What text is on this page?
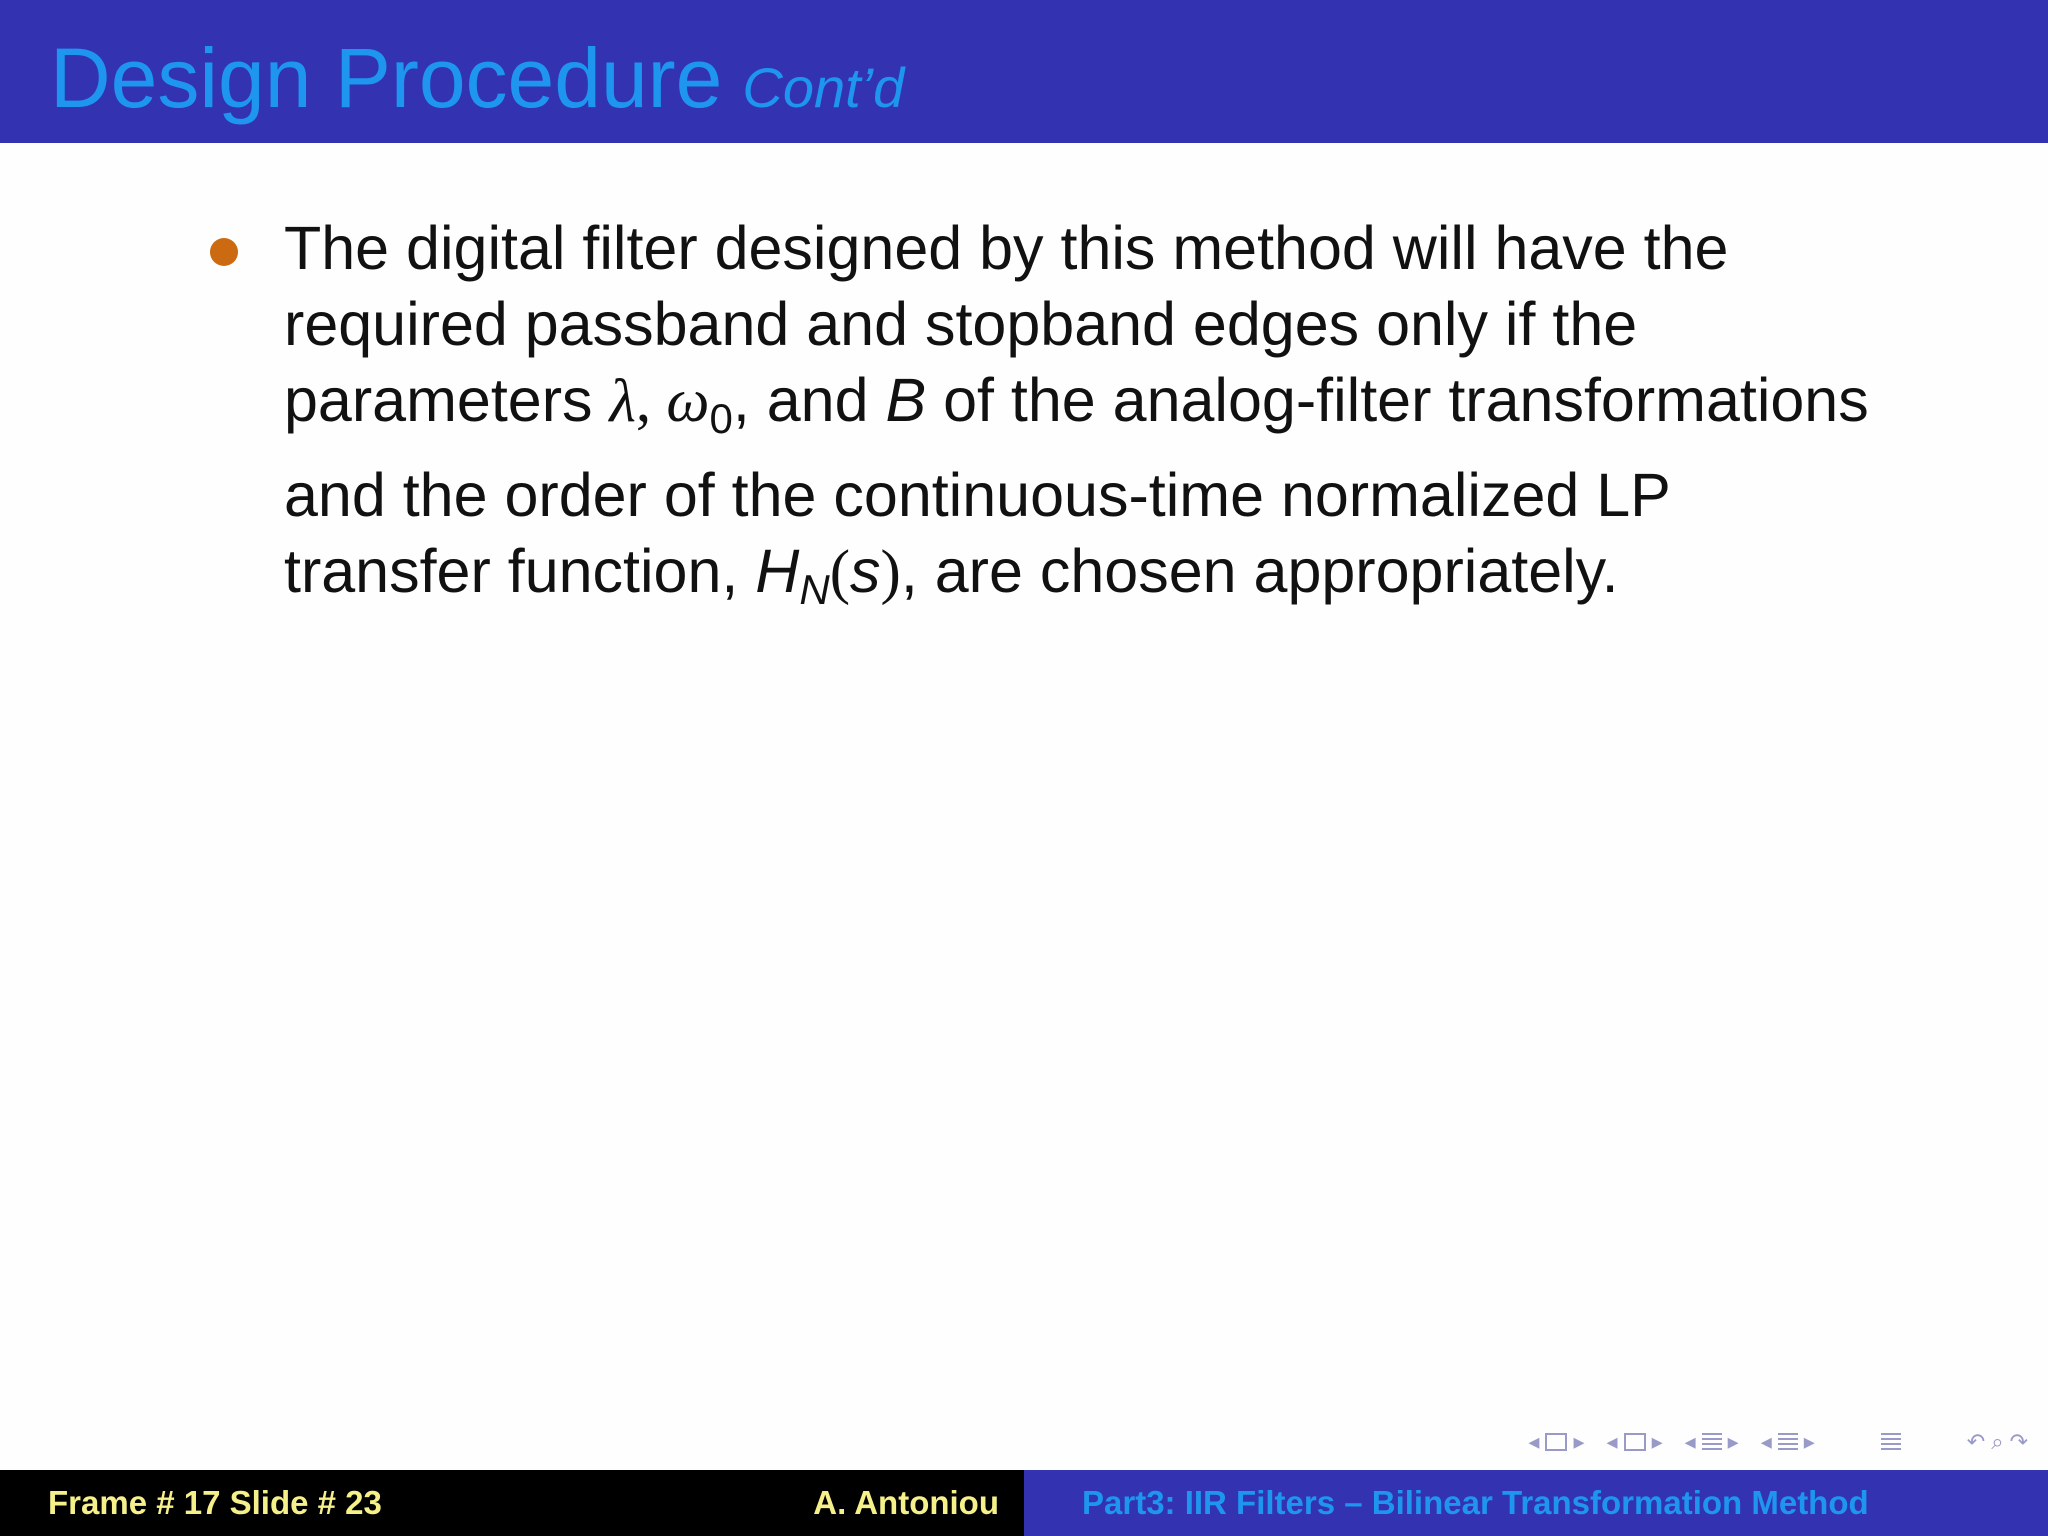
Design Procedure Cont’d
The digital filter designed by this method will have the
required passband and stopband edges only if the
parameters λ, ω0, and B of the analog-filter transformations
and the order of the continuous-time normalized LP
transfer function, HN(s), are chosen appropriately.
◂ ▸ ◂ ▸ ◂ ▸ ◂ ▸	↶ ⌕ ↷
Frame # 17 Slide # 23	A. Antoniou	Part3: IIR Filters – Bilinear Transformation Method
